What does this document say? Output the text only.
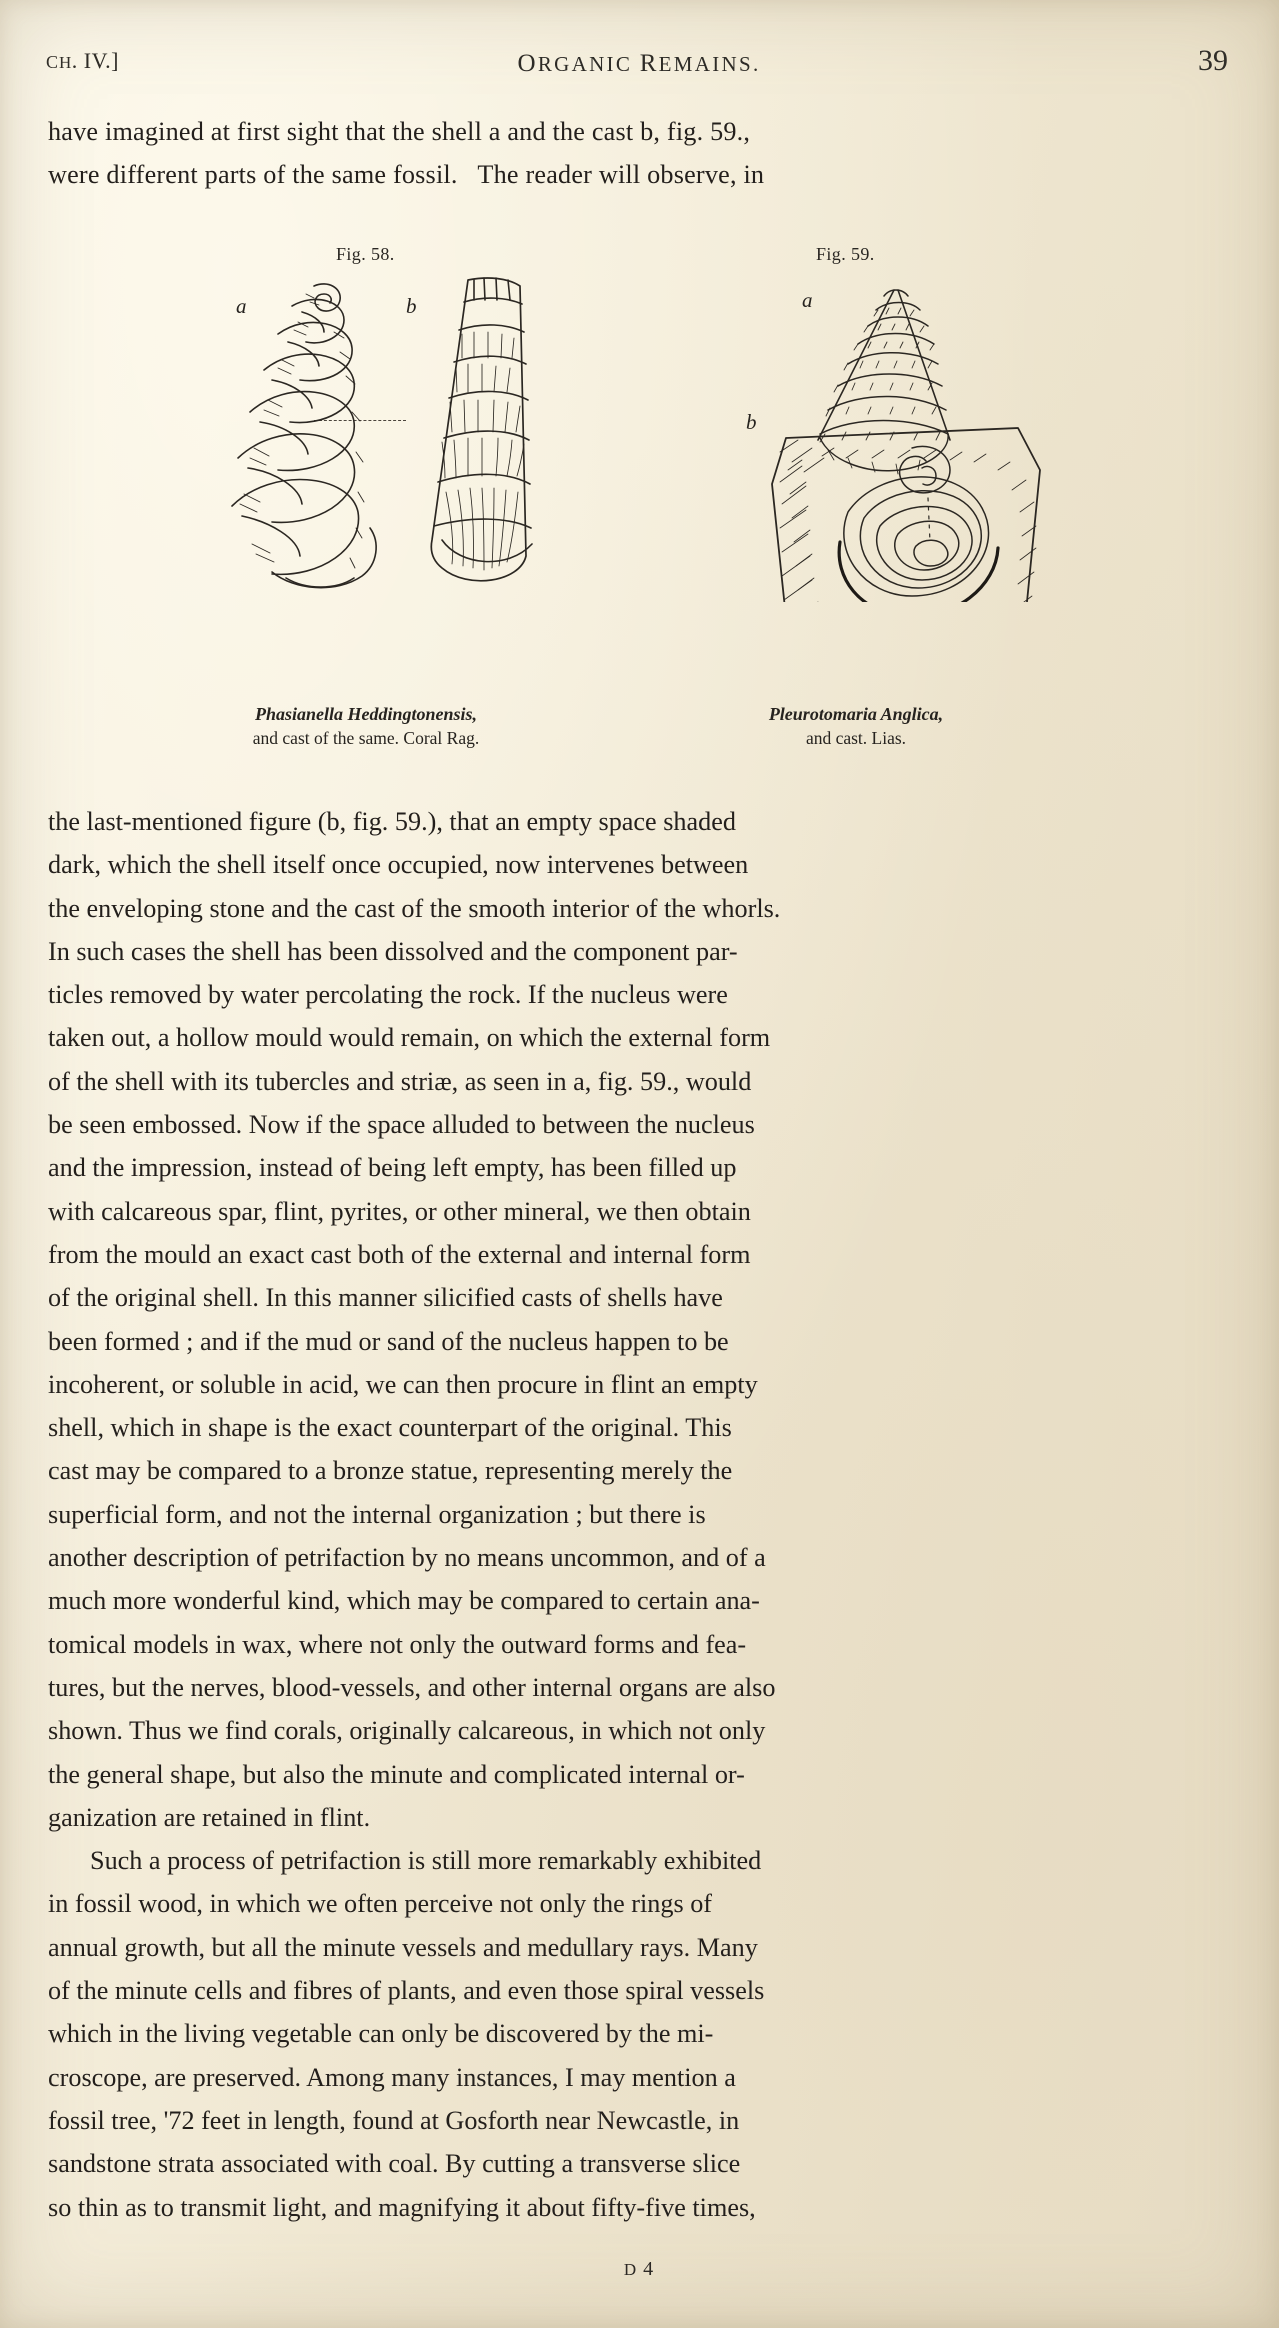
CH. IV.]	ORGANIC REMAINS.	39
have imagined at first sight that the shell a and the cast b, fig. 59.,
were different parts of the same fossil.   The reader will observe, in
Fig. 58.	Fig. 59.
a	b	a
b
Phasianella Heddingtonensis,
and cast of the same. Coral Rag.
Pleurotomaria Anglica,
and cast. Lias.
the last-mentioned figure (b, fig. 59.), that an empty space shaded
dark, which the shell itself once occupied, now intervenes between
the enveloping stone and the cast of the smooth interior of the whorls.
In such cases the shell has been dissolved and the component par-
ticles removed by water percolating the rock. If the nucleus were
taken out, a hollow mould would remain, on which the external form
of the shell with its tubercles and striæ, as seen in a, fig. 59., would
be seen embossed. Now if the space alluded to between the nucleus
and the impression, instead of being left empty, has been filled up
with calcareous spar, flint, pyrites, or other mineral, we then obtain
from the mould an exact cast both of the external and internal form
of the original shell. In this manner silicified casts of shells have
been formed ; and if the mud or sand of the nucleus happen to be
incoherent, or soluble in acid, we can then procure in flint an empty
shell, which in shape is the exact counterpart of the original. This
cast may be compared to a bronze statue, representing merely the
superficial form, and not the internal organization ; but there is
another description of petrifaction by no means uncommon, and of a
much more wonderful kind, which may be compared to certain ana-
tomical models in wax, where not only the outward forms and fea-
tures, but the nerves, blood-vessels, and other internal organs are also
shown. Thus we find corals, originally calcareous, in which not only
the general shape, but also the minute and complicated internal or-
ganization are retained in flint.
Such a process of petrifaction is still more remarkably exhibited
in fossil wood, in which we often perceive not only the rings of
annual growth, but all the minute vessels and medullary rays. Many
of the minute cells and fibres of plants, and even those spiral vessels
which in the living vegetable can only be discovered by the mi-
croscope, are preserved. Among many instances, I may mention a
fossil tree, '72 feet in length, found at Gosforth near Newcastle, in
sandstone strata associated with coal. By cutting a transverse slice
so thin as to transmit light, and magnifying it about fifty-five times,
D 4
